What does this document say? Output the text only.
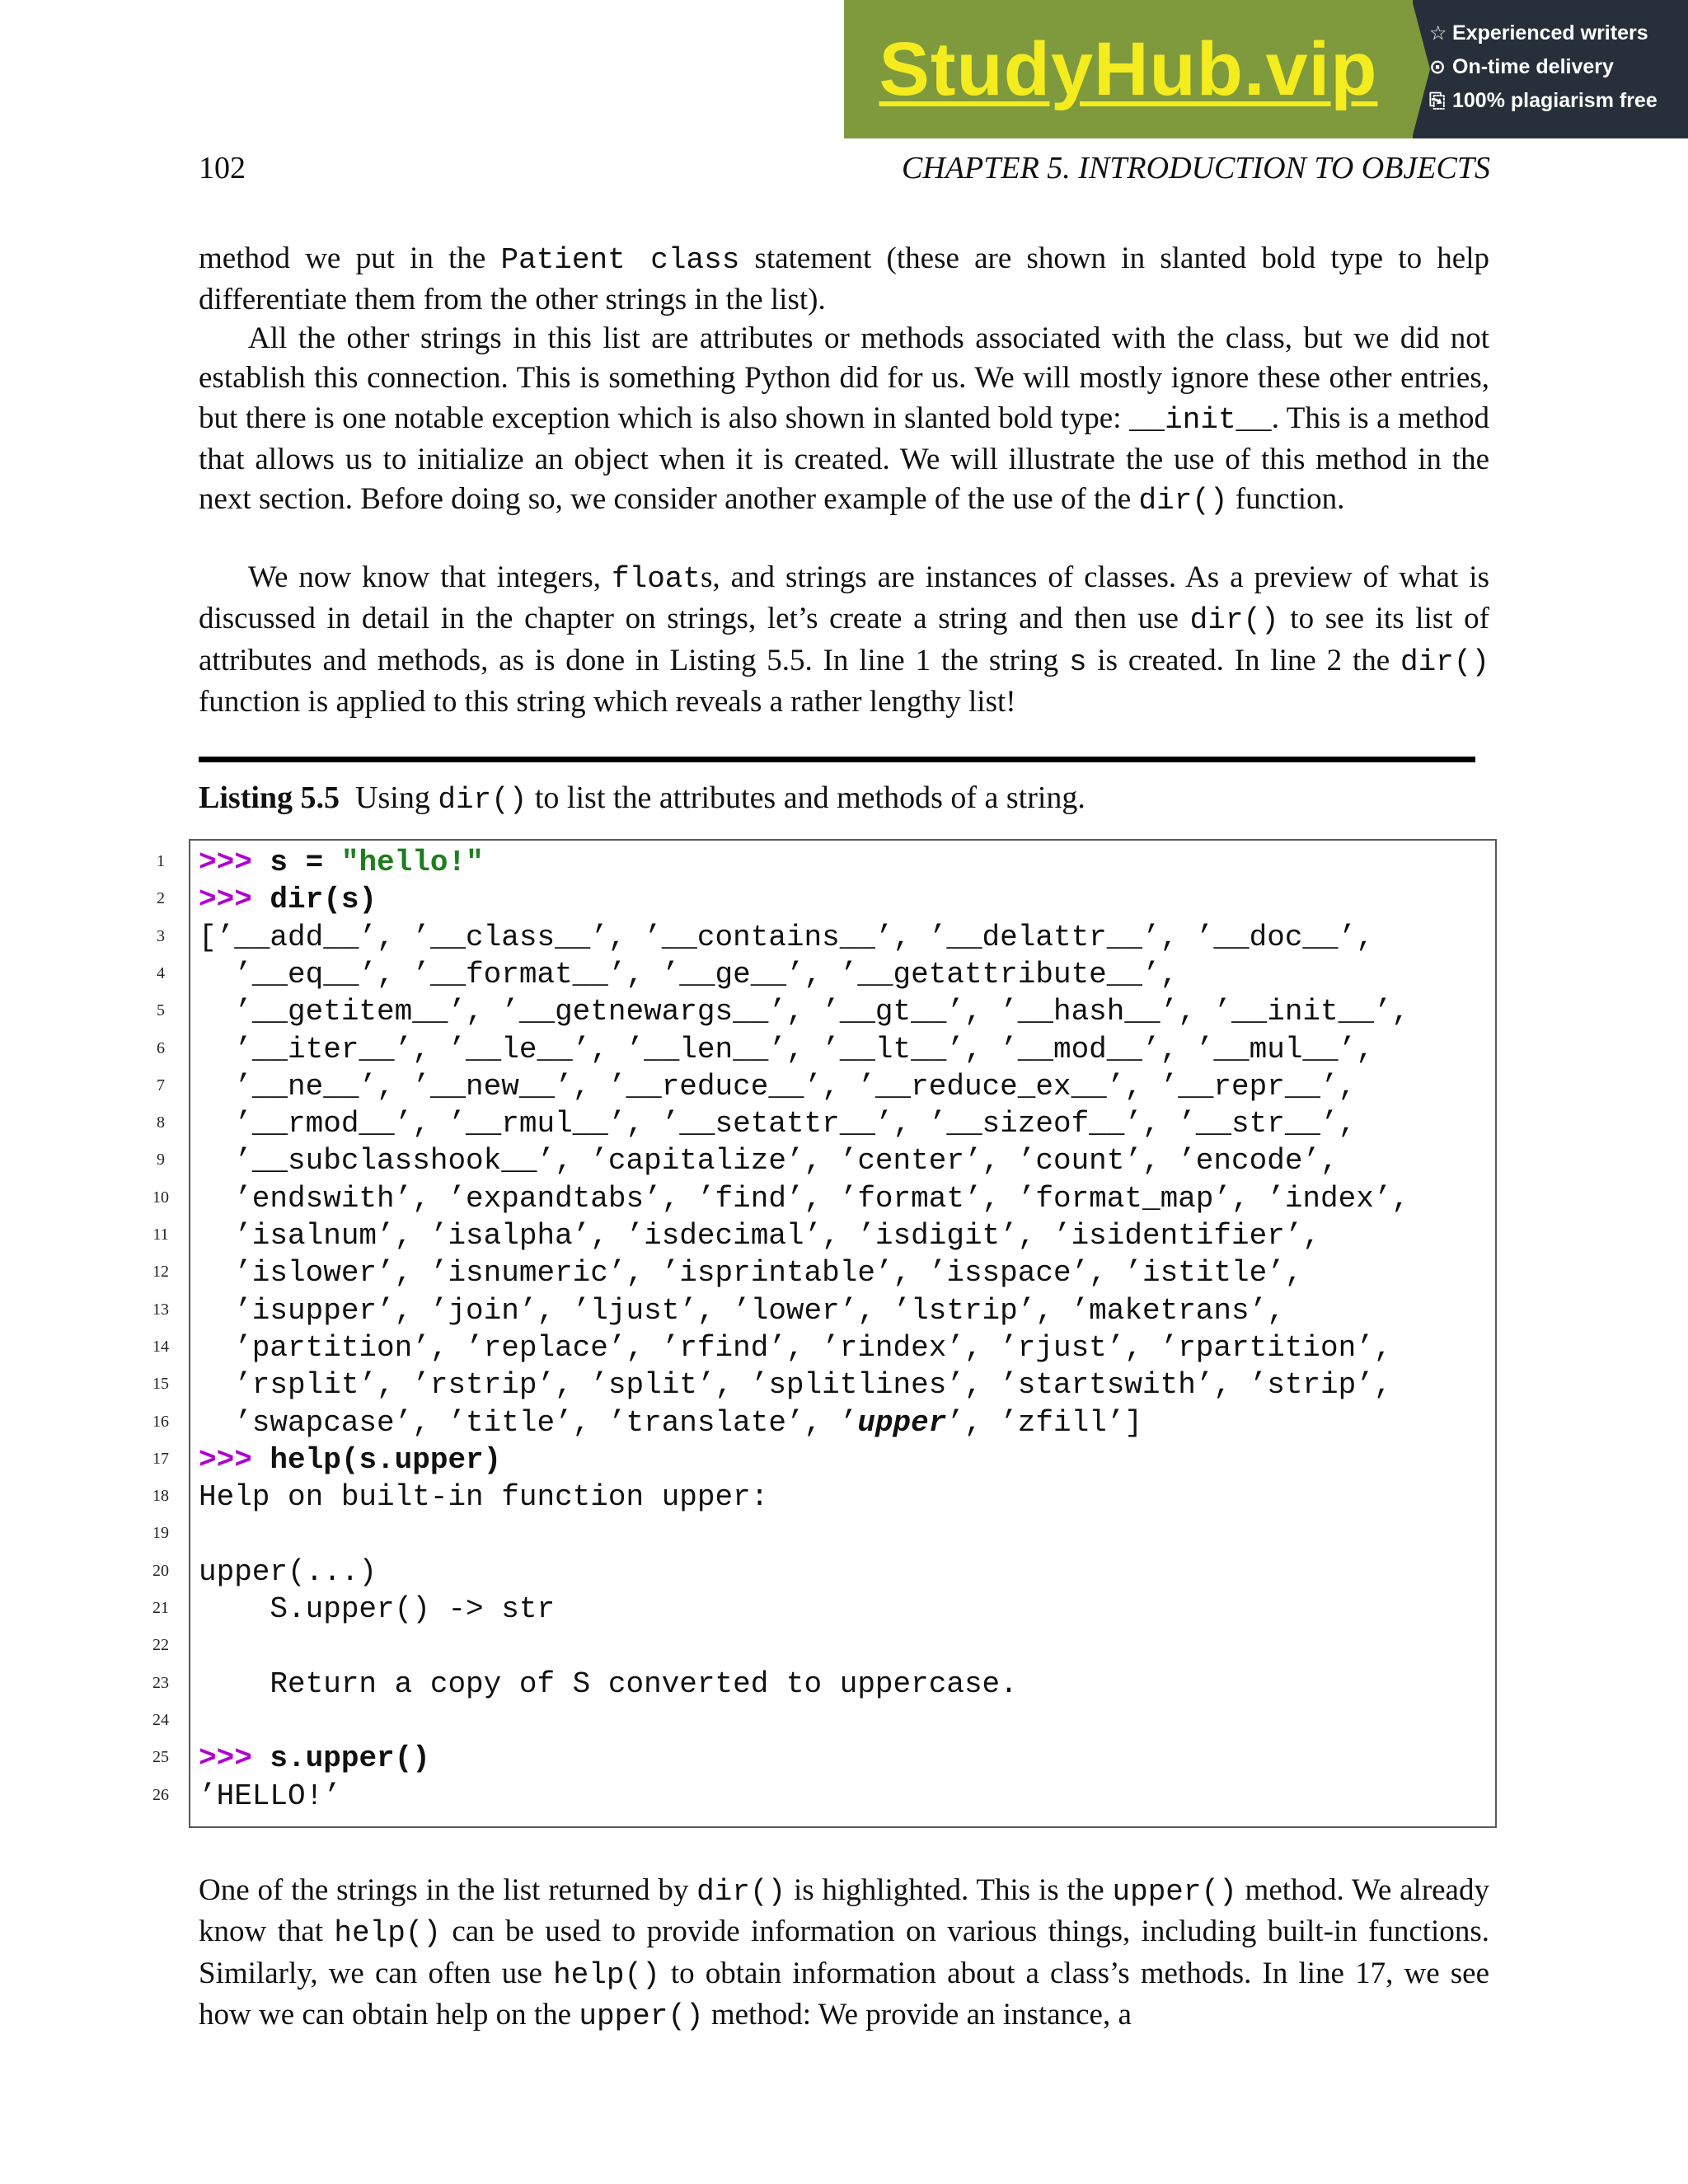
StudyHub.vip	☆ Experienced writers
⊙ On-time delivery
⎘ 100% plagiarism free
102	CHAPTER 5. INTRODUCTION TO OBJECTS
method we put in the Patient class statement (these are shown in slanted bold type to help differentiate them from the other strings in the list).
All the other strings in this list are attributes or methods associated with the class, but we did not establish this connection. This is something Python did for us. We will mostly ignore these other entries, but there is one notable exception which is also shown in slanted bold type: __init__. This is a method that allows us to initialize an object when it is created. We will illustrate the use of this method in the next section. Before doing so, we consider another example of the use of the dir() function.
We now know that integers, floats, and strings are instances of classes. As a preview of what is discussed in detail in the chapter on strings, let’s create a string and then use dir() to see its list of attributes and methods, as is done in Listing 5.5. In line 1 the string s is created. In line 2 the dir() function is applied to this string which reveals a rather lengthy list!
Listing 5.5 Using dir() to list the attributes and methods of a string.
1 >>> s = "hello!"
2 >>> dir(s)
3 [’__add__’, ’__class__’, ’__contains__’, ’__delattr__’, ’__doc__’,
4 ’__eq__’, ’__format__’, ’__ge__’, ’__getattribute__’,
5 ’__getitem__’, ’__getnewargs__’, ’__gt__’, ’__hash__’, ’__init__’,
6 ’__iter__’, ’__le__’, ’__len__’, ’__lt__’, ’__mod__’, ’__mul__’,
7 ’__ne__’, ’__new__’, ’__reduce__’, ’__reduce_ex__’, ’__repr__’,
8 ’__rmod__’, ’__rmul__’, ’__setattr__’, ’__sizeof__’, ’__str__’,
9 ’__subclasshook__’, ’capitalize’, ’center’, ’count’, ’encode’,
10 ’endswith’, ’expandtabs’, ’find’, ’format’, ’format_map’, ’index’,
11 ’isalnum’, ’isalpha’, ’isdecimal’, ’isdigit’, ’isidentifier’,
12 ’islower’, ’isnumeric’, ’isprintable’, ’isspace’, ’istitle’,
13 ’isupper’, ’join’, ’ljust’, ’lower’, ’lstrip’, ’maketrans’,
14 ’partition’, ’replace’, ’rfind’, ’rindex’, ’rjust’, ’rpartition’,
15 ’rsplit’, ’rstrip’, ’split’, ’splitlines’, ’startswith’, ’strip’,
16 ’swapcase’, ’title’, ’translate’, ’upper’, ’zfill’]
17 >>> help(s.upper)
18 Help on built-in function upper:
19
20 upper(...)
21 S.upper() -> str
22
23 Return a copy of S converted to uppercase.
24
25 >>> s.upper()
26 ’HELLO!’
One of the strings in the list returned by dir() is highlighted. This is the upper() method. We already know that help() can be used to provide information on various things, including built-in functions. Similarly, we can often use help() to obtain information about a class’s methods. In line 17, we see how we can obtain help on the upper() method: We provide an instance, a
